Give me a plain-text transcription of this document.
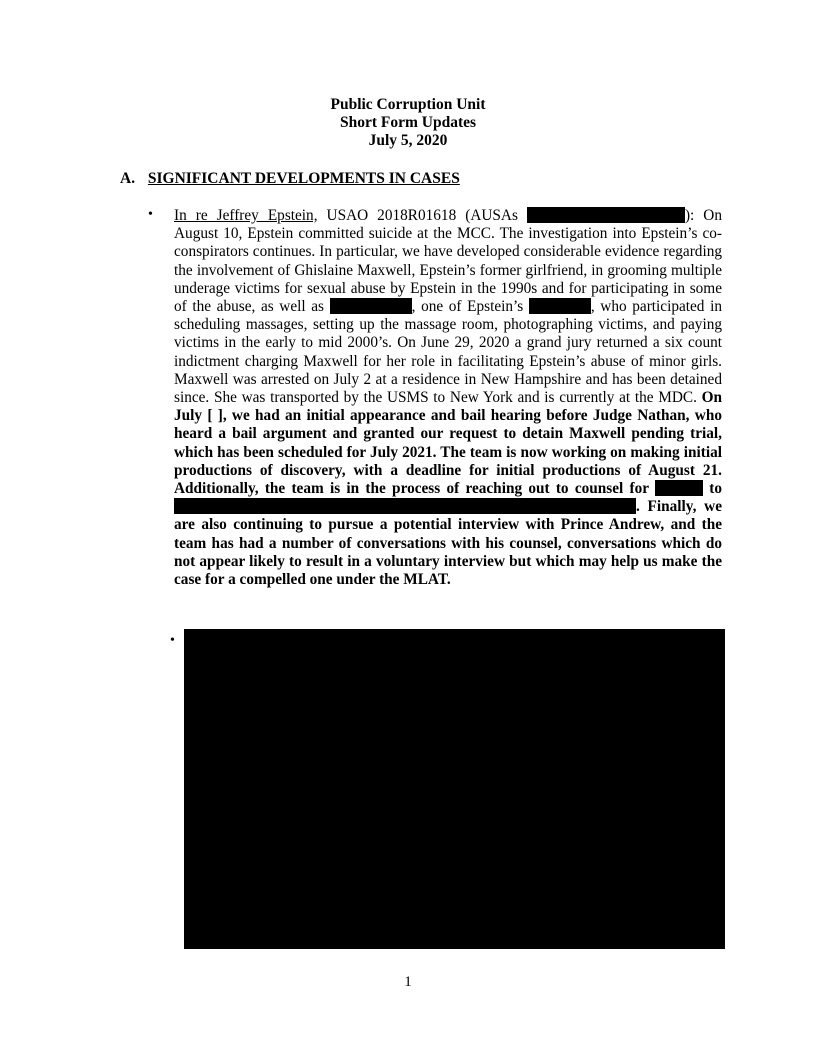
Public Corruption Unit
Short Form Updates
July 5, 2020
A. SIGNIFICANT DEVELOPMENTS IN CASES
• In re Jeffrey Epstein, USAO 2018R01618 (AUSAs	): On August 10, Epstein committed suicide at the MCC. The investigation into Epstein’s co-conspirators continues. In particular, we have developed considerable evidence regarding the involvement of Ghislaine Maxwell, Epstein’s former girlfriend, in grooming multiple underage victims for sexual abuse by Epstein in the 1990s and for participating in some of the abuse, as well as	, one of Epstein’s	, who participated in scheduling massages, setting up the massage room, photographing victims, and paying victims in the early to mid 2000’s. On June 29, 2020 a grand jury returned a six count indictment charging Maxwell for her role in facilitating Epstein’s abuse of minor girls. Maxwell was arrested on July 2 at a residence in New Hampshire and has been detained since. She was transported by the USMS to New York and is currently at the MDC. On July [ ], we had an initial appearance and bail hearing before Judge Nathan, who heard a bail argument and granted our request to detain Maxwell pending trial, which has been scheduled for July 2021. The team is now working on making initial productions of discovery, with a deadline for initial productions of August 21. Additionally, the team is in the process of reaching out to counsel for	to . Finally, we are also continuing to pursue a potential interview with Prince Andrew, and the team has had a number of conversations with his counsel, conversations which do not appear likely to result in a voluntary interview but which may help us make the case for a compelled one under the MLAT.
•
1
